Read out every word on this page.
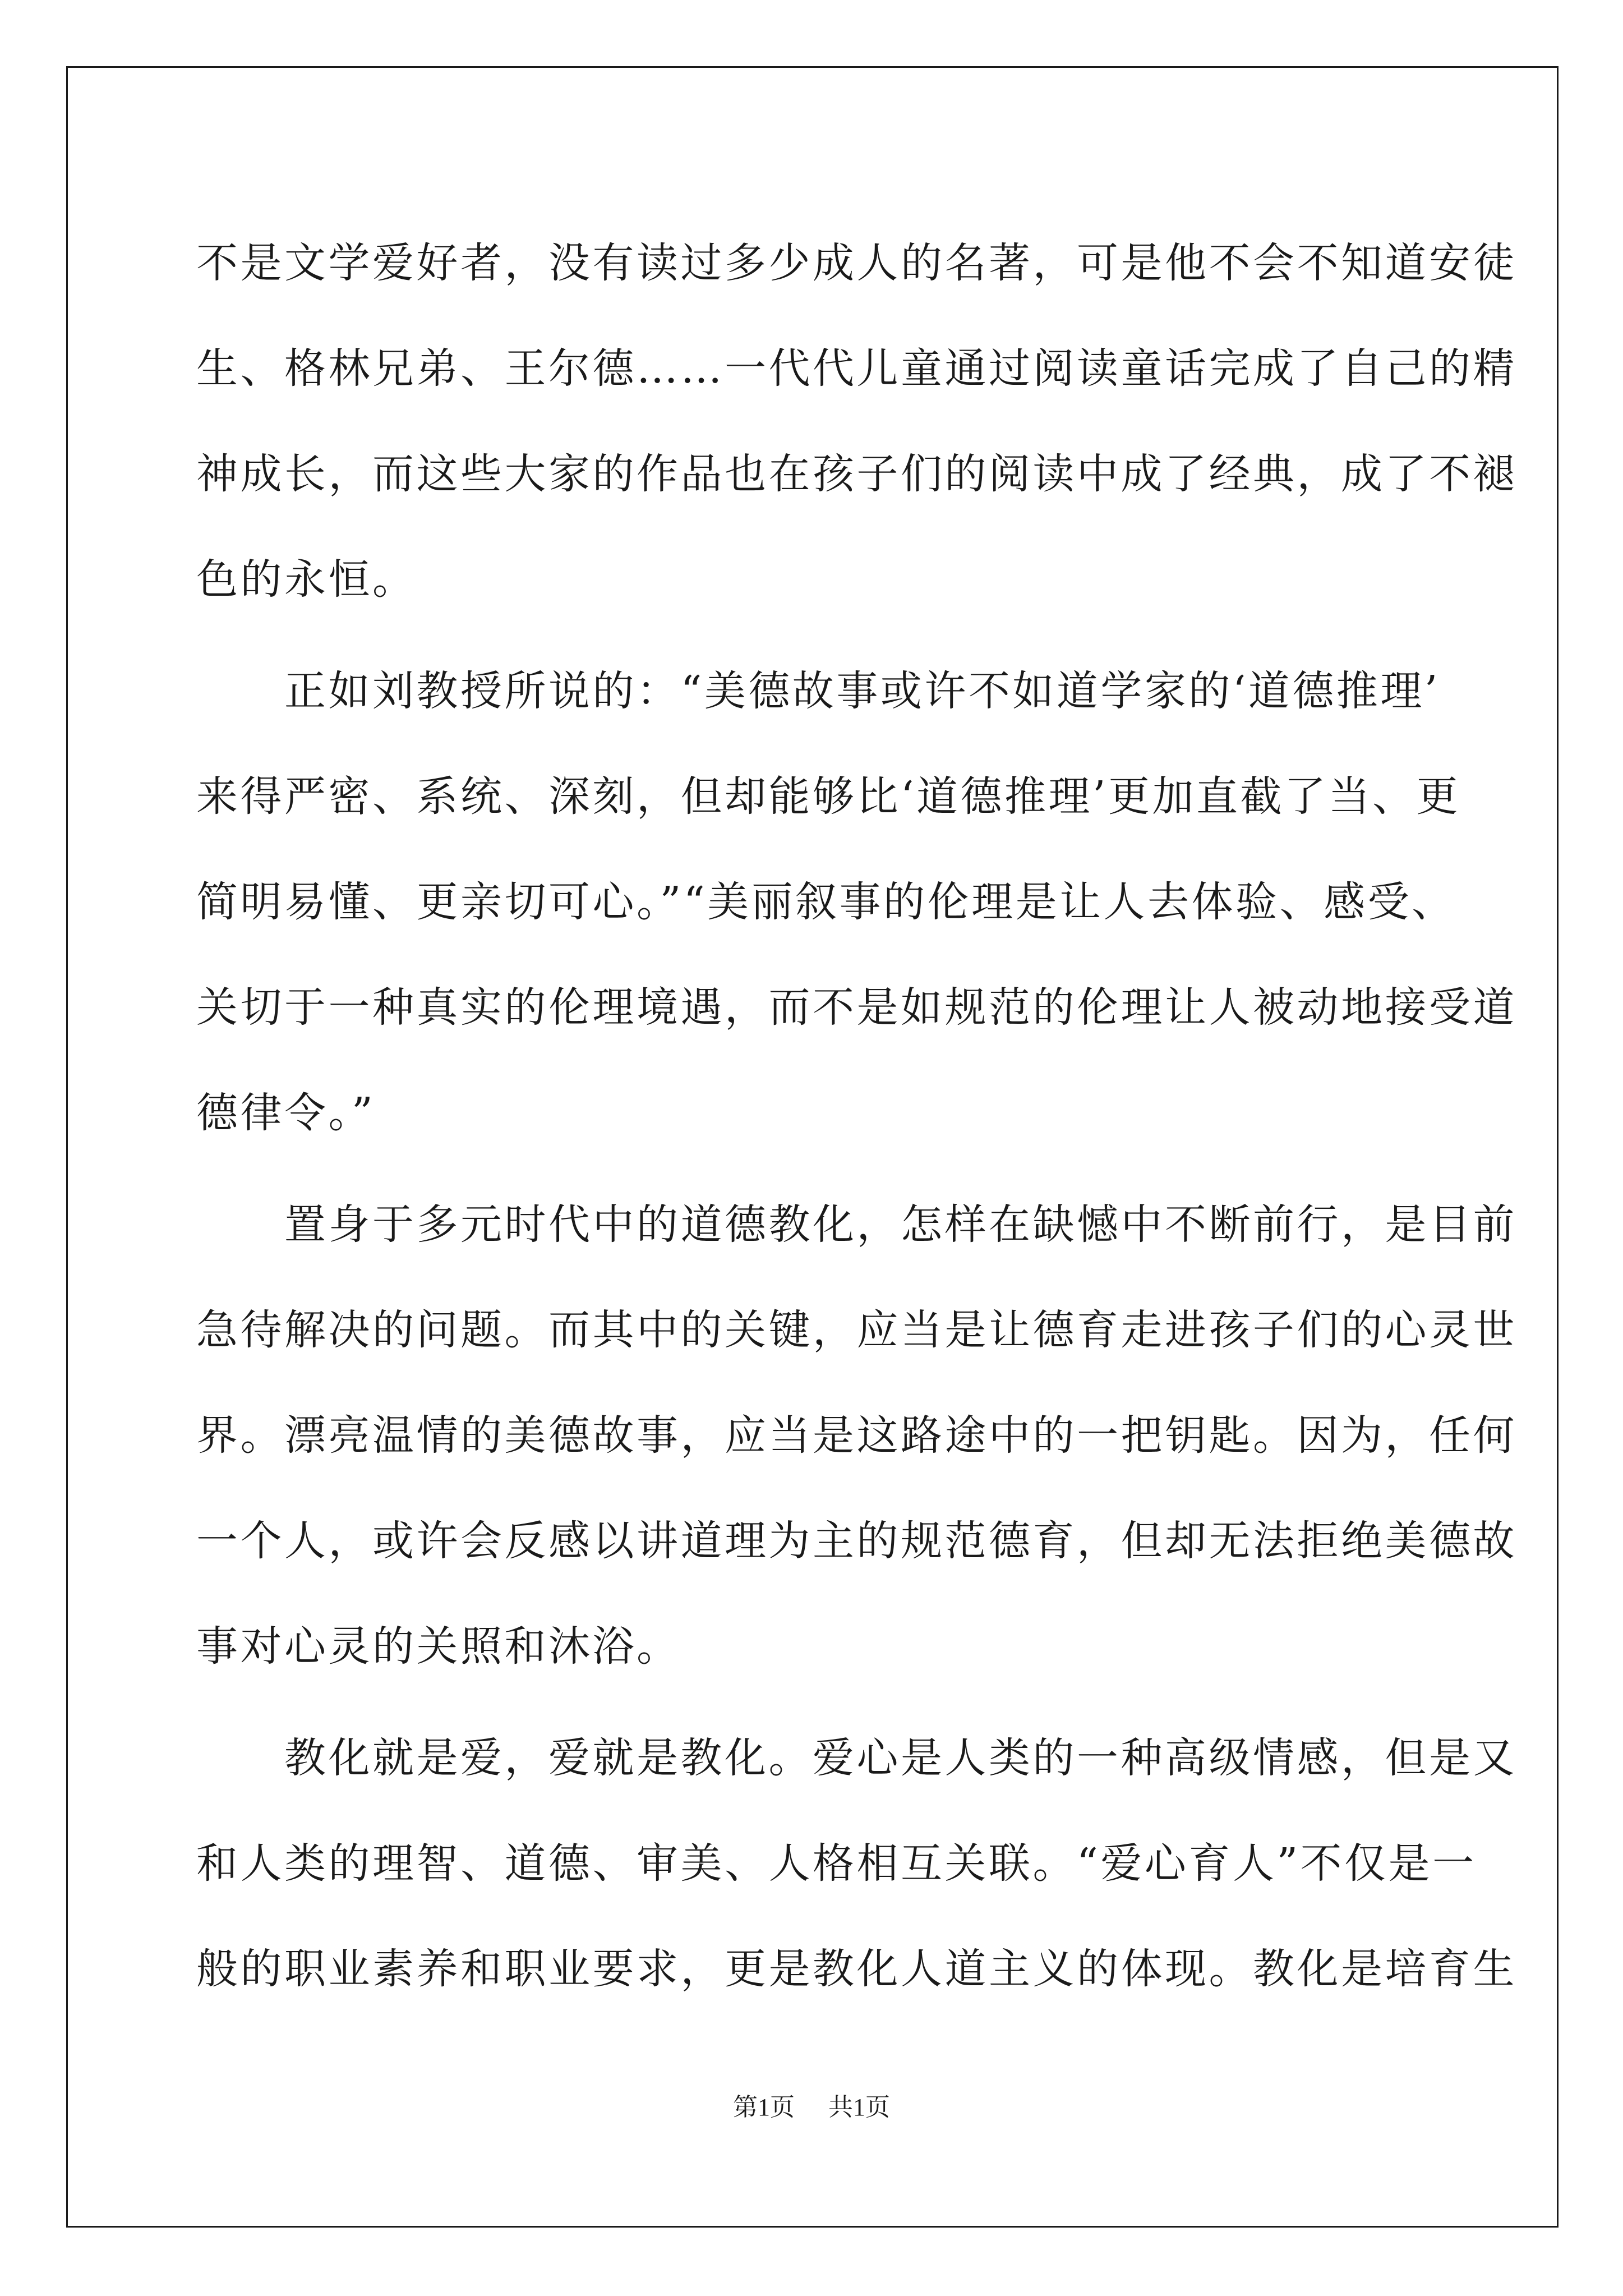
不是文学爱好者，没有读过多少成人的名著，可是他不会不知道安徒
生、格林兄弟、王尔德……一代代儿童通过阅读童话完成了自己的精
神成长，而这些大家的作品也在孩子们的阅读中成了经典，成了不褪
色的永恒。
　　正如刘教授所说的：“美德故事或许不如道学家的‘道德推理’
来得严密、系统、深刻，但却能够比‘道德推理’更加直截了当、更
简明易懂、更亲切可心。”“美丽叙事的伦理是让人去体验、感受、
关切于一种真实的伦理境遇，而不是如规范的伦理让人被动地接受道
德律令。”
　　置身于多元时代中的道德教化，怎样在缺憾中不断前行，是目前
急待解决的问题。而其中的关键，应当是让德育走进孩子们的心灵世
界。漂亮温情的美德故事，应当是这路途中的一把钥匙。因为，任何
一个人，或许会反感以讲道理为主的规范德育，但却无法拒绝美德故
事对心灵的关照和沐浴。
　　教化就是爱，爱就是教化。爱心是人类的一种高级情感，但是又
和人类的理智、道德、审美、人格相互关联。“爱心育人”不仅是一
般的职业素养和职业要求，更是教化人道主义的体现。教化是培育生
第1页 共1页
